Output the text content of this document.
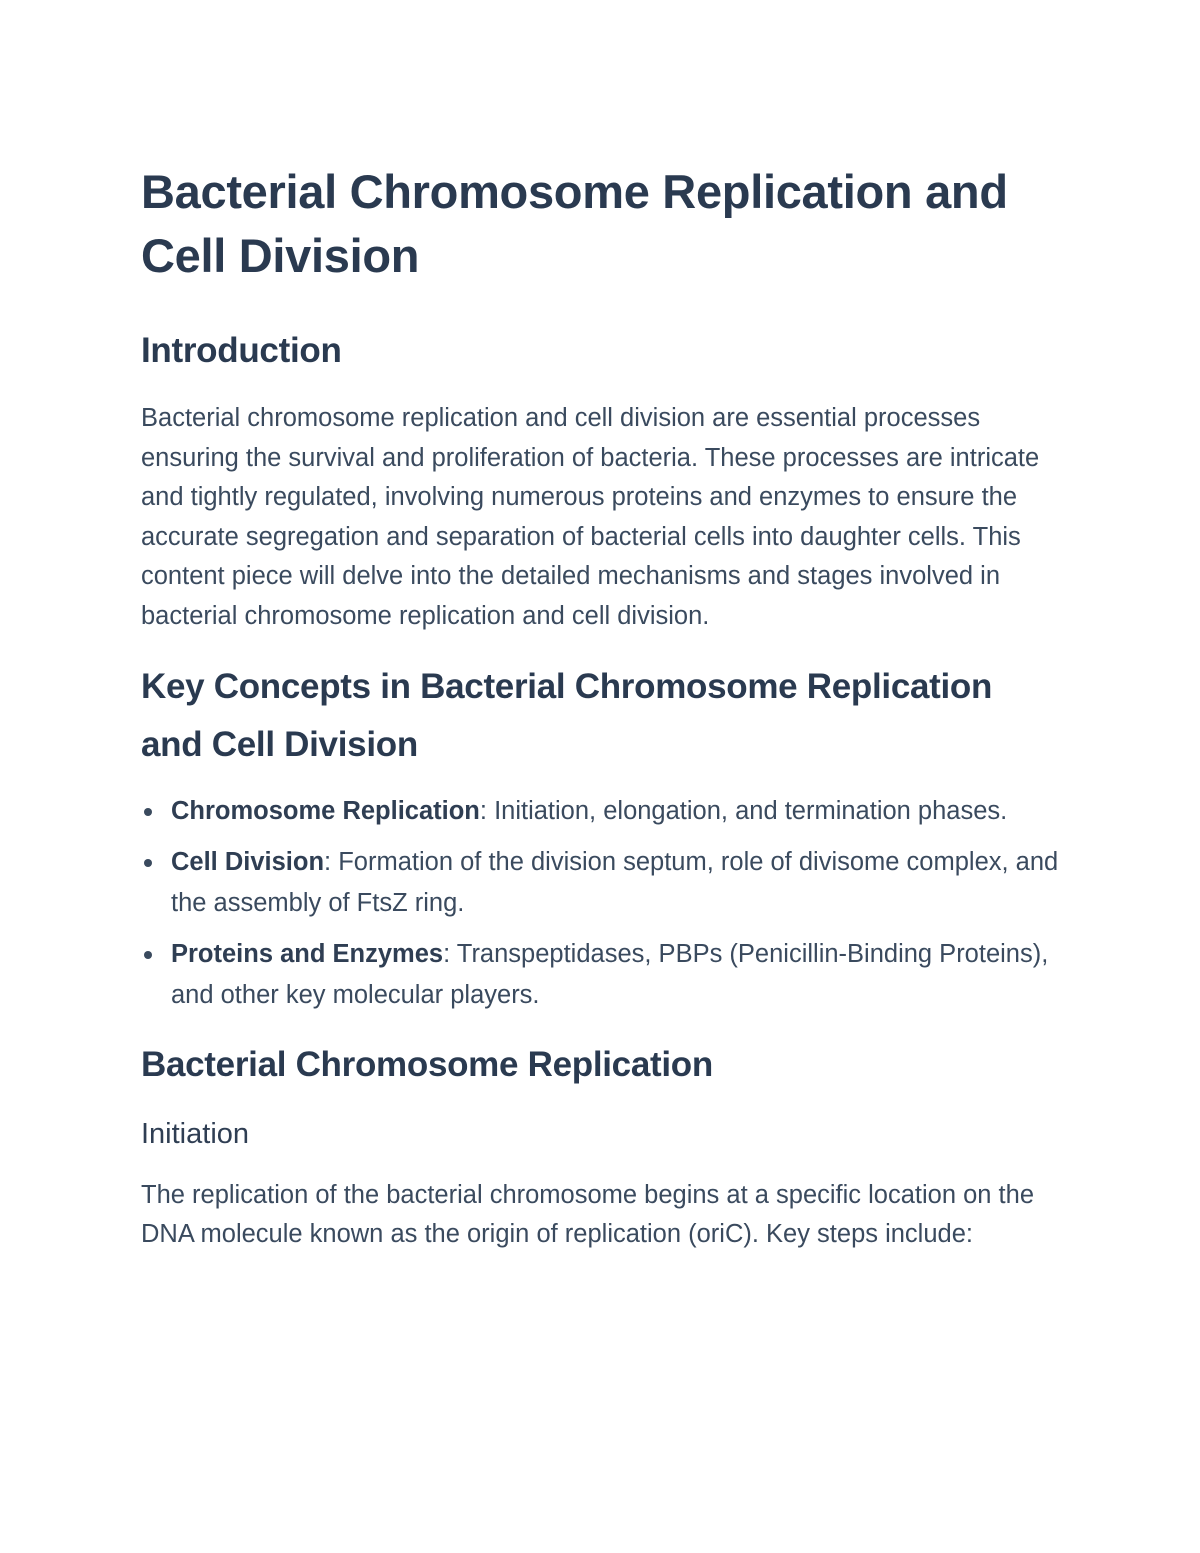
Bacterial Chromosome Replication and Cell Division
Introduction

Bacterial chromosome replication and cell division are essential processes ensuring the survival and proliferation of bacteria. These processes are intricate and tightly regulated, involving numerous proteins and enzymes to ensure the accurate segregation and separation of bacterial cells into daughter cells. This content piece will delve into the detailed mechanisms and stages involved in bacterial chromosome replication and cell division.

Key Concepts in Bacterial Chromosome Replication and Cell Division
Chromosome Replication: Initiation, elongation, and termination phases.
Cell Division: Formation of the division septum, role of divisome complex, and the assembly of FtsZ ring.
Proteins and Enzymes: Transpeptidases, PBPs (Penicillin-Binding Proteins), and other key molecular players.
Bacterial Chromosome Replication
Initiation

The replication of the bacterial chromosome begins at a specific location on the DNA molecule known as the origin of replication (oriC). Key steps include:
